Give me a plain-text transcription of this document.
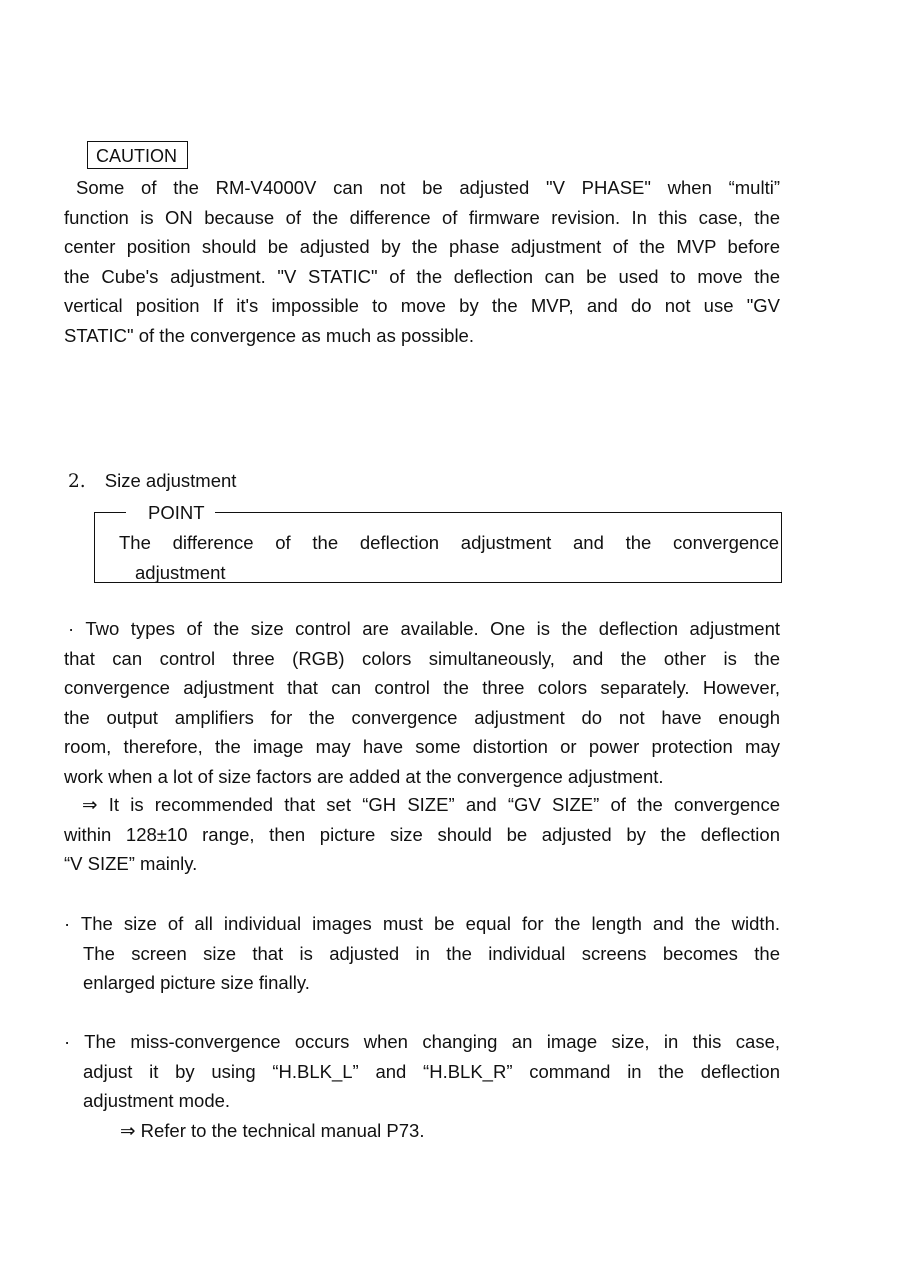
CAUTION
Some of the RM-V4000V can not be adjusted "V PHASE" when “multi”
function is ON because of the difference of firmware revision. In this case, the
center position should be adjusted by the phase adjustment of the MVP before
the Cube's adjustment. "V STATIC" of the deflection can be used to move the
vertical position If it's impossible to move by the MVP, and do not use "GV
STATIC" of the convergence as much as possible.
2. Size adjustment
POINT
The difference of the deflection adjustment and the convergence
adjustment
· Two types of the size control are available. One is the deflection adjustment
that can control three (RGB) colors simultaneously, and the other is the
convergence adjustment that can control the three colors separately. However,
the output amplifiers for the convergence adjustment do not have enough
room, therefore, the image may have some distortion or power protection may
work when a lot of size factors are added at the convergence adjustment.
⇒ It is recommended that set “GH SIZE” and “GV SIZE” of the convergence
within 128±10 range, then picture size should be adjusted by the deflection
“V SIZE” mainly.
· The size of all individual images must be equal for the length and the width.
The screen size that is adjusted in the individual screens becomes the
enlarged picture size finally.
· The miss-convergence occurs when changing an image size, in this case,
adjust it by using “H.BLK_L” and “H.BLK_R” command in the deflection
adjustment mode.
⇒ Refer to the technical manual P73.
